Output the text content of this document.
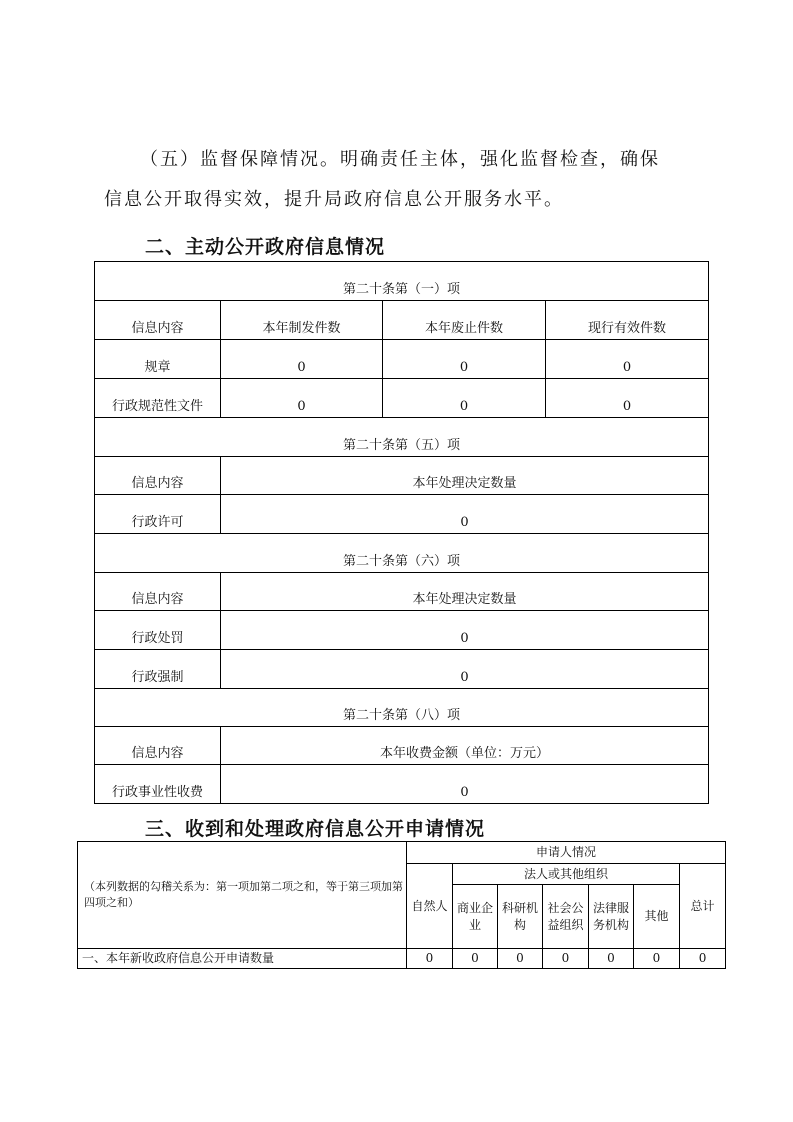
（五）监督保障情况。明确责任主体，强化监督检查，确保

信息公开取得实效，提升局政府信息公开服务水平。

二、主动公开政府信息情况
第二十条第（一）项			
信息内容	本年制发件数	本年废止件数	现行有效件数
规章	0	0	0
行政规范性文件	0	0	0
第二十条第（五）项			
信息内容	本年处理决定数量		
行政许可	0		
第二十条第（六）项			
信息内容	本年处理决定数量		
行政处罚	0		
行政强制	0		
第二十条第（八）项			
信息内容	本年收费金额（单位：万元）		
行政事业性收费	0		
三、收到和处理政府信息公开申请情况
（本列数据的勾稽关系为：第一项加第二项之和，等于第三项加第四项之和）	申请人情况						
	自然人	法人或其他组织					总计
		商业企业	科研机构	社会公益组织	法律服务机构	其他	
一、本年新收政府信息公开申请数量	0	0	0	0	0	0	0
